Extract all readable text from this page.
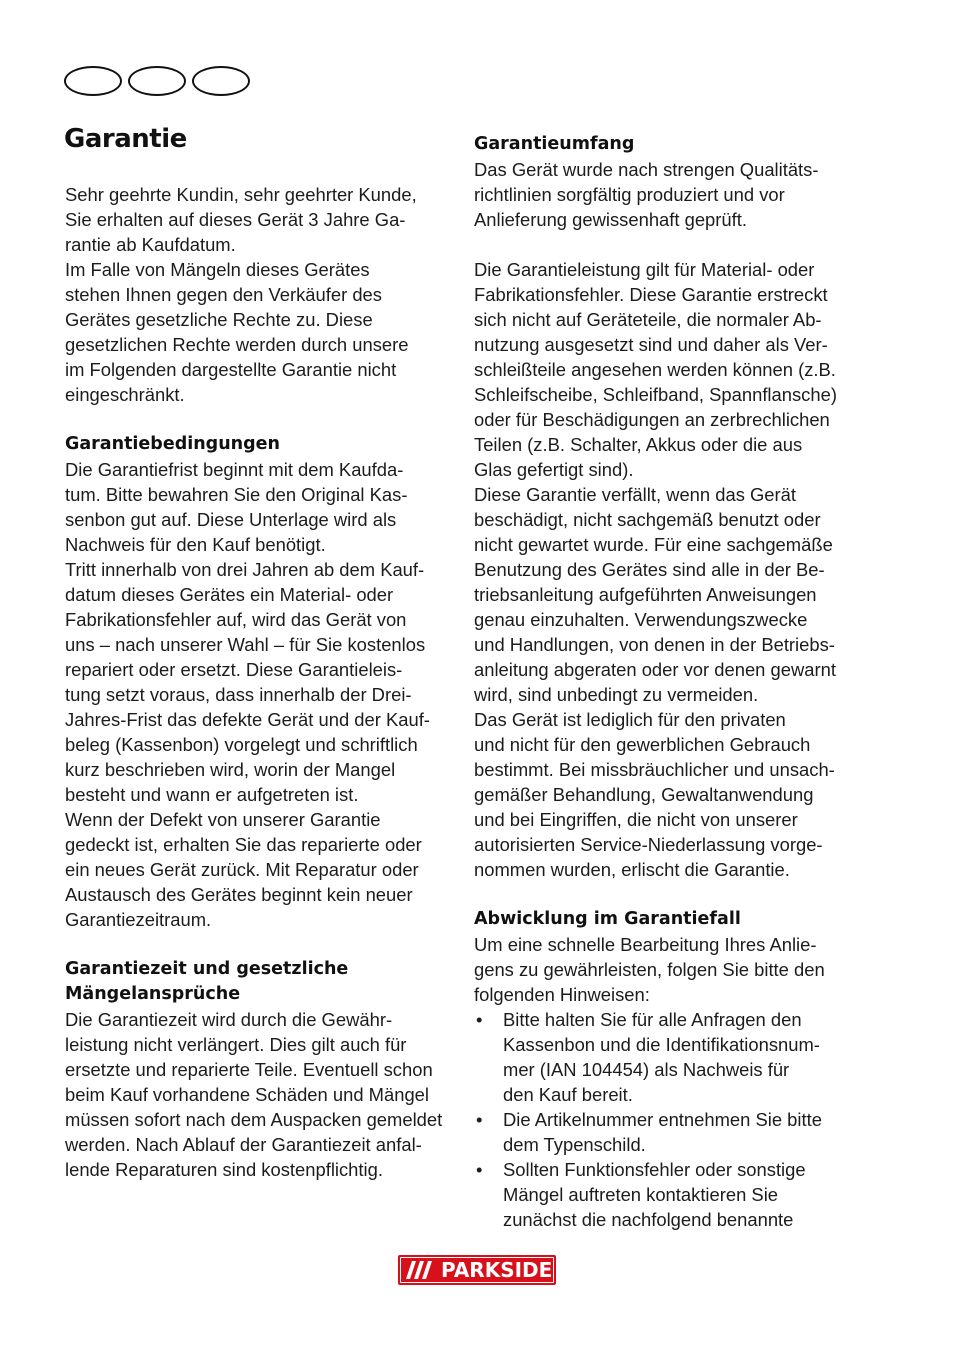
Garantie

Sehr geehrte Kundin, sehr geehrter Kunde,

Sie erhalten auf dieses Gerät 3 Jahre Ga-

rantie ab Kaufdatum.

Im Falle von Mängeln dieses Gerätes

stehen Ihnen gegen den Verkäufer des

Gerätes gesetzliche Rechte zu. Diese

gesetzlichen Rechte werden durch unsere

im Folgenden dargestellte Garantie nicht

eingeschränkt.

Garantiebedingungen

Die Garantiefrist beginnt mit dem Kaufda-

tum. Bitte bewahren Sie den Original Kas-

senbon gut auf. Diese Unterlage wird als

Nachweis für den Kauf benötigt.

Tritt innerhalb von drei Jahren ab dem Kauf-

datum dieses Gerätes ein Material- oder

Fabrikationsfehler auf, wird das Gerät von

uns – nach unserer Wahl – für Sie kostenlos

repariert oder ersetzt. Diese Garantieleis-

tung setzt voraus, dass innerhalb der Drei-

Jahres-Frist das defekte Gerät und der Kauf-

beleg (Kassenbon) vorgelegt und schriftlich

kurz beschrieben wird, worin der Mangel

besteht und wann er aufgetreten ist.

Wenn der Defekt von unserer Garantie

gedeckt ist, erhalten Sie das reparierte oder

ein neues Gerät zurück. Mit Reparatur oder

Austausch des Gerätes beginnt kein neuer

Garantiezeitraum.

Garantiezeit und gesetzliche
Mängelansprüche

Die Garantiezeit wird durch die Gewähr-

leistung nicht verlängert. Dies gilt auch für

ersetzte und reparierte Teile. Eventuell schon

beim Kauf vorhandene Schäden und Mängel

müssen sofort nach dem Auspacken gemeldet

werden. Nach Ablauf der Garantiezeit anfal-

lende Reparaturen sind kostenpflichtig.

Garantieumfang

Das Gerät wurde nach strengen Qualitäts-

richtlinien sorgfältig produziert und vor

Anlieferung gewissenhaft geprüft.

Die Garantieleistung gilt für Material- oder

Fabrikationsfehler. Diese Garantie erstreckt

sich nicht auf Geräteteile, die normaler Ab-

nutzung ausgesetzt sind und daher als Ver-

schleißteile angesehen werden können (z.B.

Schleifscheibe, Schleifband, Spannflansche)

oder für Beschädigungen an zerbrechlichen

Teilen (z.B. Schalter, Akkus oder die aus

Glas gefertigt sind).

Diese Garantie verfällt, wenn das Gerät

beschädigt, nicht sachgemäß benutzt oder

nicht gewartet wurde. Für eine sachgemäße

Benutzung des Gerätes sind alle in der Be-

triebsanleitung aufgeführten Anweisungen

genau einzuhalten. Verwendungszwecke

und Handlungen, von denen in der Betriebs-

anleitung abgeraten oder vor denen gewarnt

wird, sind unbedingt zu vermeiden.

Das Gerät ist lediglich für den privaten

und nicht für den gewerblichen Gebrauch

bestimmt. Bei missbräuchlicher und unsach-

gemäßer Behandlung, Gewaltanwendung

und bei Eingriffen, die nicht von unserer

autorisierten Service-Niederlassung vorge-

nommen wurden, erlischt die Garantie.

Abwicklung im Garantiefall

Um eine schnelle Bearbeitung Ihres Anlie-

gens zu gewährleisten, folgen Sie bitte den

folgenden Hinweisen:

• Bitte halten Sie für alle Anfragen den
Kassenbon und die Identifikationsnum-
mer (IAN 104454) als Nachweis für
den Kauf bereit.
• Die Artikelnummer entnehmen Sie bitte
dem Typenschild.
• Sollten Funktionsfehler oder sonstige
Mängel auftreten kontaktieren Sie
zunächst die nachfolgend benannte
PARKSIDE
